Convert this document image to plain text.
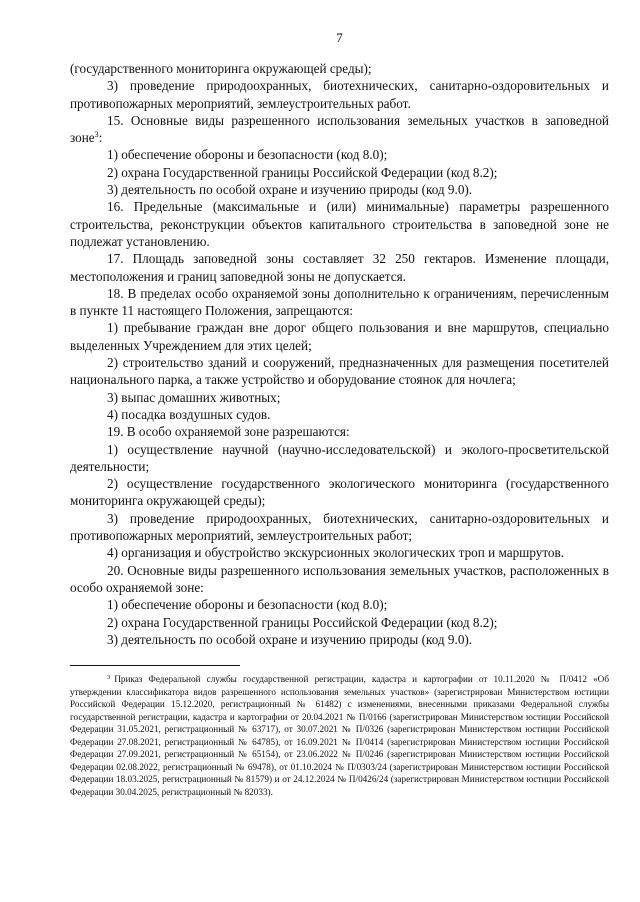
7

(государственного мониторинга окружающей среды);

3) проведение природоохранных, биотехнических, санитарно-оздоровительных и противопожарных мероприятий, землеустроительных работ.

15. Основные виды разрешенного использования земельных участков в заповедной зоне$^3$:

1) обеспечение обороны и безопасности (код 8.0);

2) охрана Государственной границы Российской Федерации (код 8.2);

3) деятельность по особой охране и изучению природы (код 9.0).

16. Предельные (максимальные и (или) минимальные) параметры разрешенного строительства, реконструкции объектов капитального строительства в заповедной зоне не подлежат установлению.

17. Площадь заповедной зоны составляет 32 250 гектаров. Изменение площади, местоположения и границ заповедной зоны не допускается.

18. В пределах особо охраняемой зоны дополнительно к ограничениям, перечисленным в пункте 11 настоящего Положения, запрещаются:

1) пребывание граждан вне дорог общего пользования и вне маршрутов, специально выделенных Учреждением для этих целей;

2) строительство зданий и сооружений, предназначенных для размещения посетителей национального парка, а также устройство и оборудование стоянок для ночлега;

3) выпас домашних животных;

4) посадка воздушных судов.

19. В особо охраняемой зоне разрешаются:

1) осуществление научной (научно-исследовательской) и эколого-просветительской деятельности;

2) осуществление государственного экологического мониторинга (государственного мониторинга окружающей среды);

3) проведение природоохранных, биотехнических, санитарно-оздоровительных и противопожарных мероприятий, землеустроительных работ;

4) организация и обустройство экскурсионных экологических троп и маршрутов.

20. Основные виды разрешенного использования земельных участков, расположенных в особо охраняемой зоне:

1) обеспечение обороны и безопасности (код 8.0);

2) охрана Государственной границы Российской Федерации (код 8.2);

3) деятельность по особой охране и изучению природы (код 9.0).

$^3$ Приказ Федеральной службы государственной регистрации, кадастра и картографии от 10.11.2020 № П/0412 «Об утверждении классификатора видов разрешенного использования земельных участков» (зарегистрирован Министерством юстиции Российской Федерации 15.12.2020, регистрационный № 61482) с изменениями, внесенными приказами Федеральной службы государственной регистрации, кадастра и картографии от 20.04.2021 № П/0166 (зарегистрирован Министерством юстиции Российской Федерации 31.05.2021, регистрационный № 63717), от 30.07.2021 № П/0326 (зарегистрирован Министерством юстиции Российской Федерации 27.08.2021, регистрационный № 64785), от 16.09.2021 № П/0414 (зарегистрирован Министерством юстиции Российской Федерации 27.09.2021, регистрационный № 65154), от 23.06.2022 № П/0246 (зарегистрирован Министерством юстиции Российской Федерации 02.08.2022, регистрационный № 69478), от 01.10.2024 № П/0303/24 (зарегистрирован Министерством юстиции Российской Федерации 18.03.2025, регистрационный № 81579) и от 24.12.2024 № П/0426/24 (зарегистрирован Министерством юстиции Российской Федерации 30.04.2025, регистрационный № 82033).
